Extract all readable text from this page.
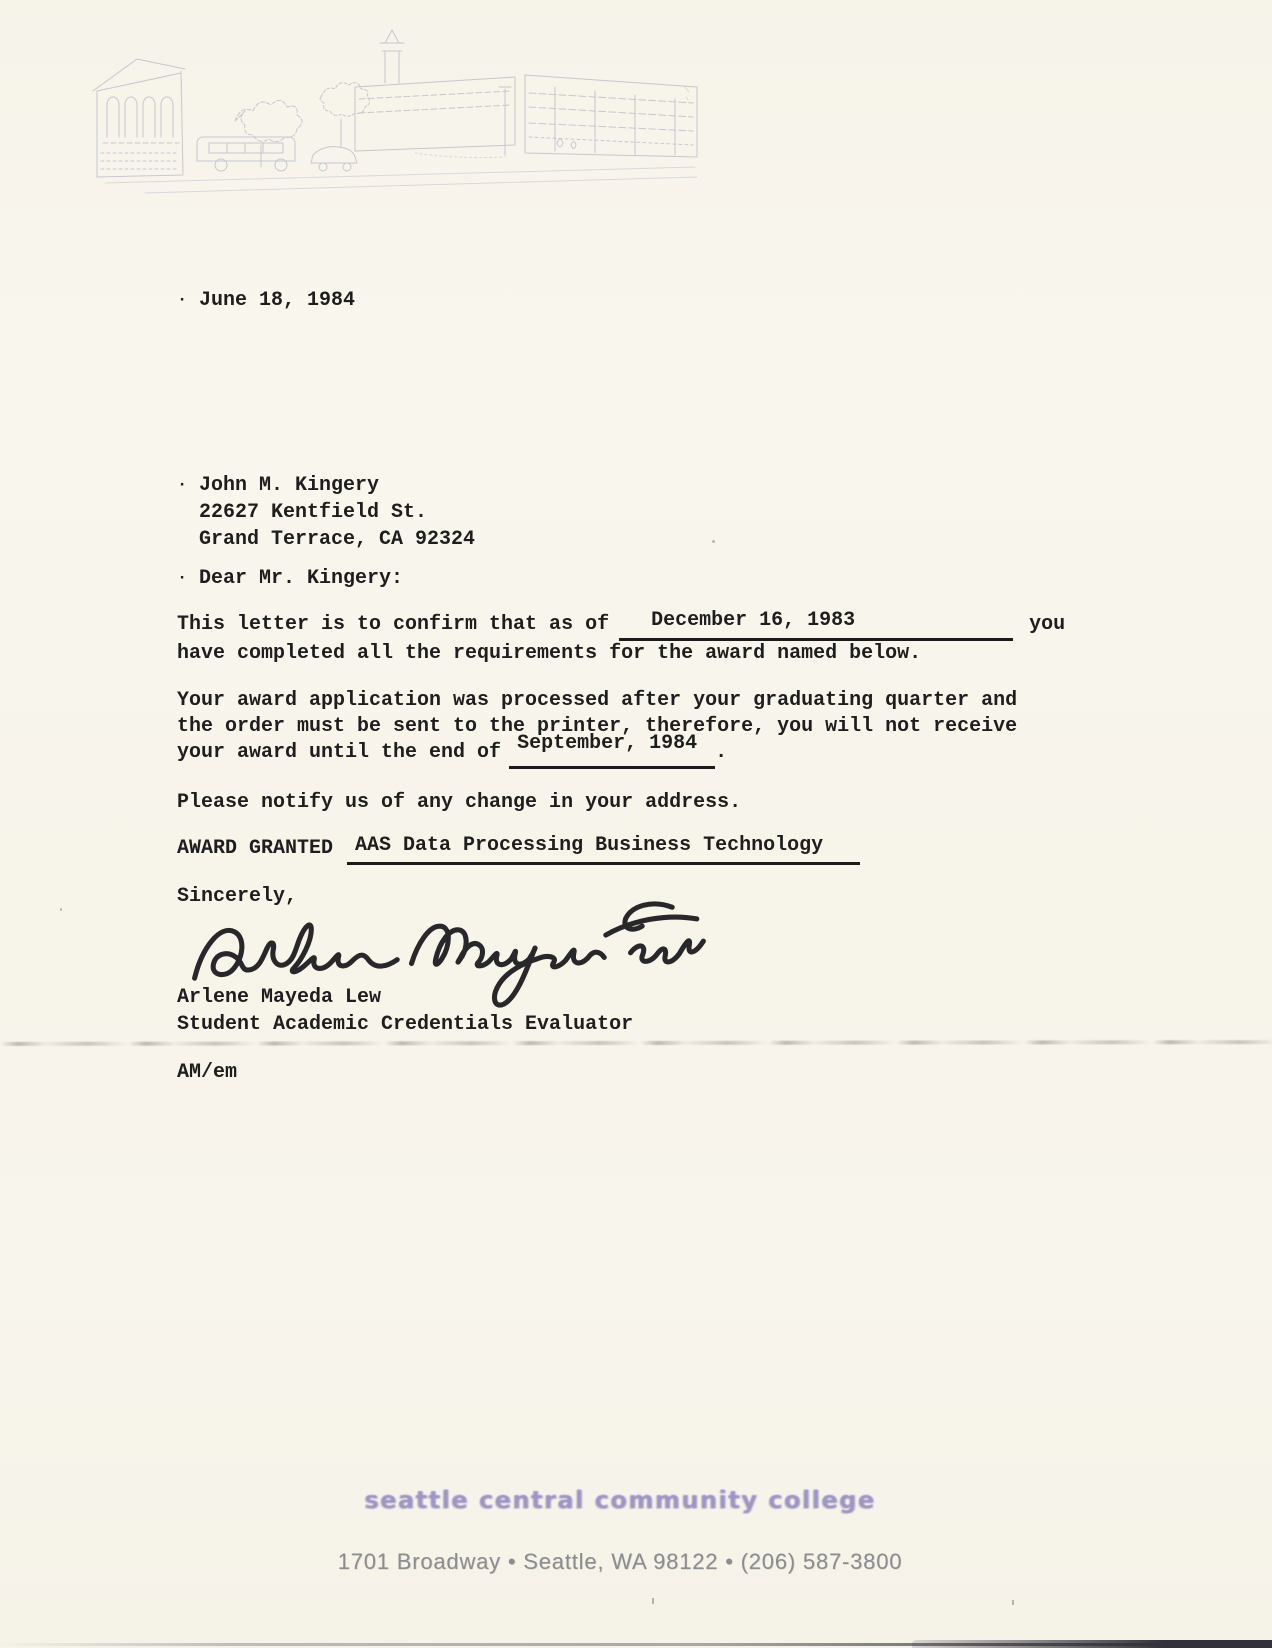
· June 18, 1984
· John M. Kingery
22627 Kentfield St.
Grand Terrace, CA 92324
· Dear Mr. Kingery:
This letter is to confirm that as of	December 16, 1983	you
have completed all the requirements for the award named below.
Your award application was processed after your graduating quarter and
the order must be sent to the printer, therefore, you will not receive
your award until the end of September, 1984 .
Please notify us of any change in your address.
AWARD GRANTED	AAS Data Processing Business Technology
Sincerely,
Arlene Mayeda Lew
Student Academic Credentials Evaluator
AM/em
seattle central community college
1701 Broadway • Seattle, WA 98122 • (206) 587-3800
